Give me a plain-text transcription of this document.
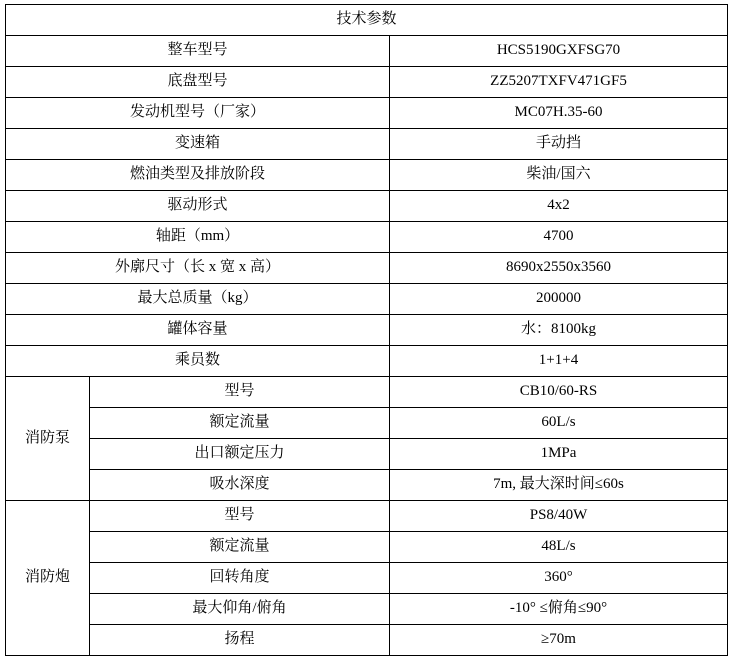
技术参数		
整车型号		HCS5190GXFSG70
底盘型号		ZZ5207TXFV471GF5
发动机型号（厂家）		MC07H.35-60
变速箱		手动挡
燃油类型及排放阶段		柴油/国六
驱动形式		4x2
轴距（mm）		4700
外廓尺寸（长 x 宽 x 高）		8690x2550x3560
最大总质量（kg）		200000
罐体容量		水：8100kg
乘员数		1+1+4
消防泵	型号	CB10/60-RS
	额定流量	60L/s
	出口额定压力	1MPa
	吸水深度	7m, 最大深时间≤60s
消防炮	型号	PS8/40W
	额定流量	48L/s
	回转角度	360°
	最大仰角/俯角	-10° ≤俯角≤90°
	扬程	≥70m
